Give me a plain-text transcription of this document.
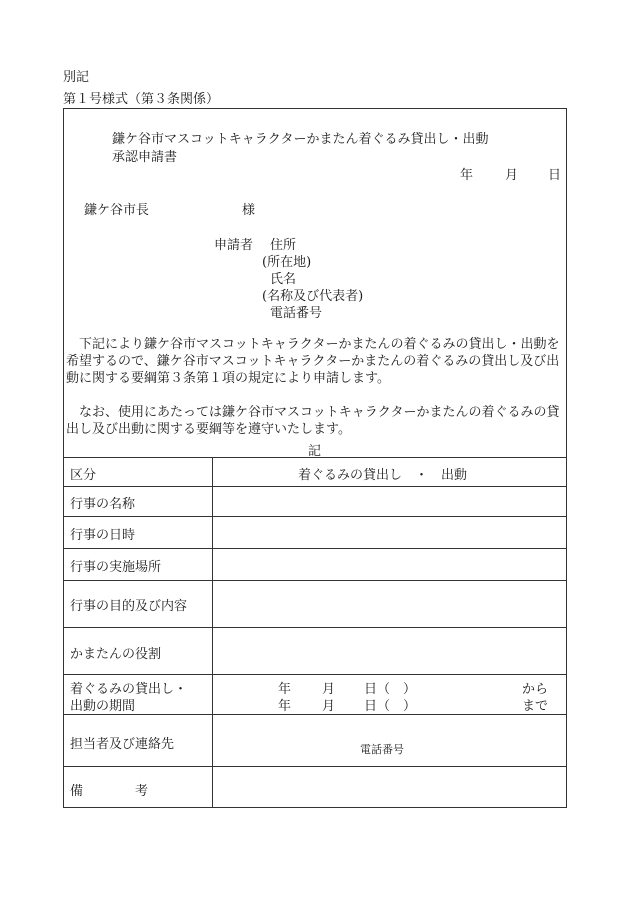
別記
第１号様式（第３条関係）
鎌ケ谷市マスコットキャラクターかまたん着ぐるみ貸出し・出動
承認申請書
年 月 日
鎌ケ谷市長	様
申請者 住所
(所在地)
氏名
(名称及び代表者)
電話番号
下記により鎌ケ谷市マスコットキャラクターかまたんの着ぐるみの貸出し・出動を希望するので、鎌ケ谷市マスコットキャラクターかまたんの着ぐるみの貸出し及び出動に関する要綱第３条第１項の規定により申請します。
なお、使用にあたっては鎌ケ谷市マスコットキャラクターかまたんの着ぐるみの貸出し及び出動に関する要綱等を遵守いたします。
記
区分	着ぐるみの貸出し　・　出動
行事の名称
行事の日時
行事の実施場所
行事の目的及び内容
かまたんの役割
着ぐるみの貸出し・
出動の期間
年 月 日（　）	から
年 月 日（　）	まで
担当者及び連絡先	電話番号
備　　　　考
